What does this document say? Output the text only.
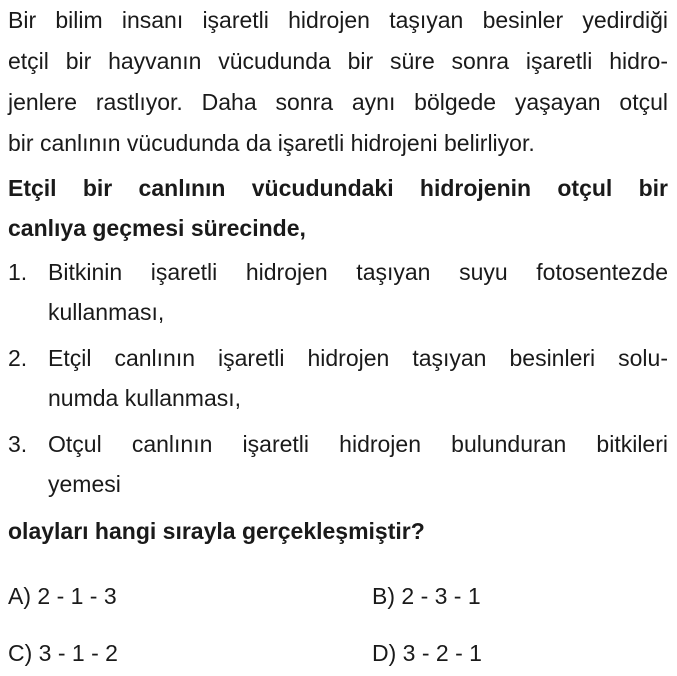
Bir bilim insanı işaretli hidrojen taşıyan besinler yedirdiği
etçil bir hayvanın vücudunda bir süre sonra işaretli hidro-
jenlere rastlıyor. Daha sonra aynı bölgede yaşayan otçul
bir canlının vücudunda da işaretli hidrojeni belirliyor.
Etçil bir canlının vücudundaki hidrojenin otçul bir
canlıya geçmesi sürecinde,
1. Bitkinin işaretli hidrojen taşıyan suyu fotosentezde
kullanması,
2. Etçil canlının işaretli hidrojen taşıyan besinleri solu-
numda kullanması,
3. Otçul canlının işaretli hidrojen bulunduran bitkileri
yemesi
olayları hangi sırayla gerçekleşmiştir?
A) 2 - 1 - 3	B) 2 - 3 - 1
C) 3 - 1 - 2	D) 3 - 2 - 1
